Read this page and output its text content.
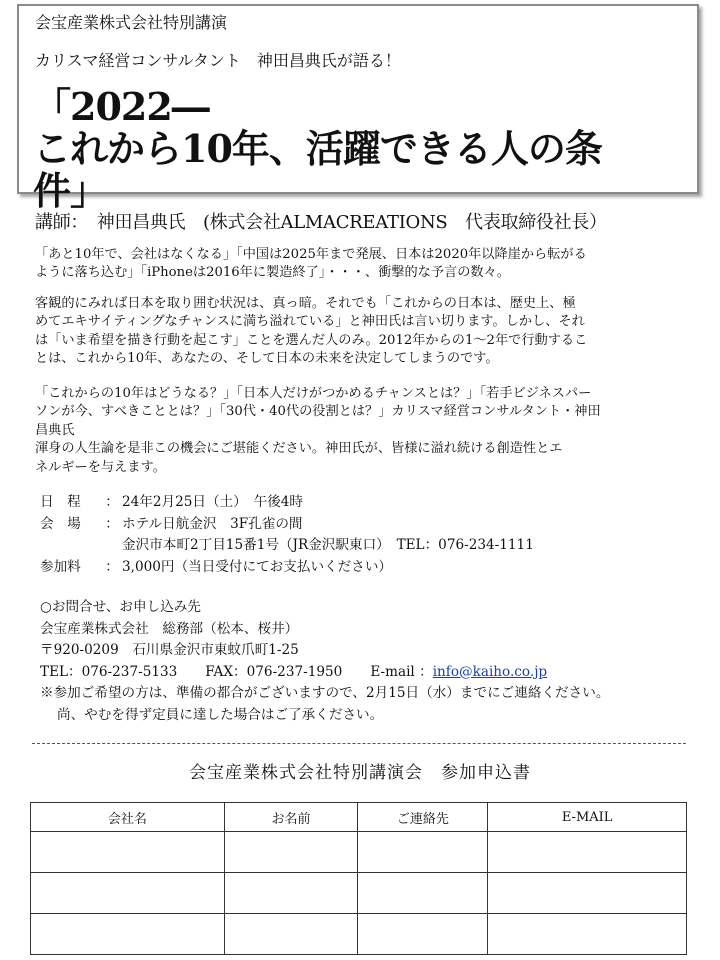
会宝産業株式会社特別講演
カリスマ経営コンサルタント　神田昌典氏が語る！
「2022―
これから10年、活躍できる人の条
件」
講師：　神田昌典氏　(株式会社ALMACREATIONS　代表取締役社長）
「あと10年で、会社はなくなる」「中国は2025年まで発展、日本は2020年以降崖から転がる
ように落ち込む」「iPhoneは2016年に製造終了」・・・、衝撃的な予言の数々。
客観的にみれば日本を取り囲む状況は、真っ暗。それでも「これからの日本は、歴史上、極
めてエキサイティングなチャンスに満ち溢れている」と神田氏は言い切ります。しかし、それ
は「いま希望を描き行動を起こす」ことを選んだ人のみ。2012年からの1～2年で行動するこ
とは、これから10年、あなたの、そして日本の未来を決定してしまうのです。
「これからの10年はどうなる？」「日本人だけがつかめるチャンスとは？」「若手ビジネスパー
ソンが今、すべきこととは？」「30代・40代の役割とは？」カリスマ経営コンサルタント・神田
昌典氏
渾身の人生論を是非この機会にご堪能ください。神田氏が、皆様に溢れ続ける創造性とエ
ネルギーを与えます。
日　程 ： 24年2月25日（土）　午後4時
会　場 ： ホテル日航金沢　3F孔雀の間
金沢市本町2丁目15番1号（JR金沢駅東口）　TEL：076-234-1111
参加料 ： 3,000円（当日受付にてお支払いください）
○お問合せ、お申し込み先
会宝産業株式会社　総務部（松本、桜井）
〒920-0209　石川県金沢市東蚊爪町1-25
TEL：076-237-5133 FAX：076-237-1950 E-mail ：info@kaiho.co.jp
※参加ご希望の方は、準備の都合がございますので、2月15日（水）までにご連絡ください。
尚、やむを得ず定員に達した場合はご了承ください。
会宝産業株式会社特別講演会　参加申込書
会社名	お名前	ご連絡先	E-MAIL
